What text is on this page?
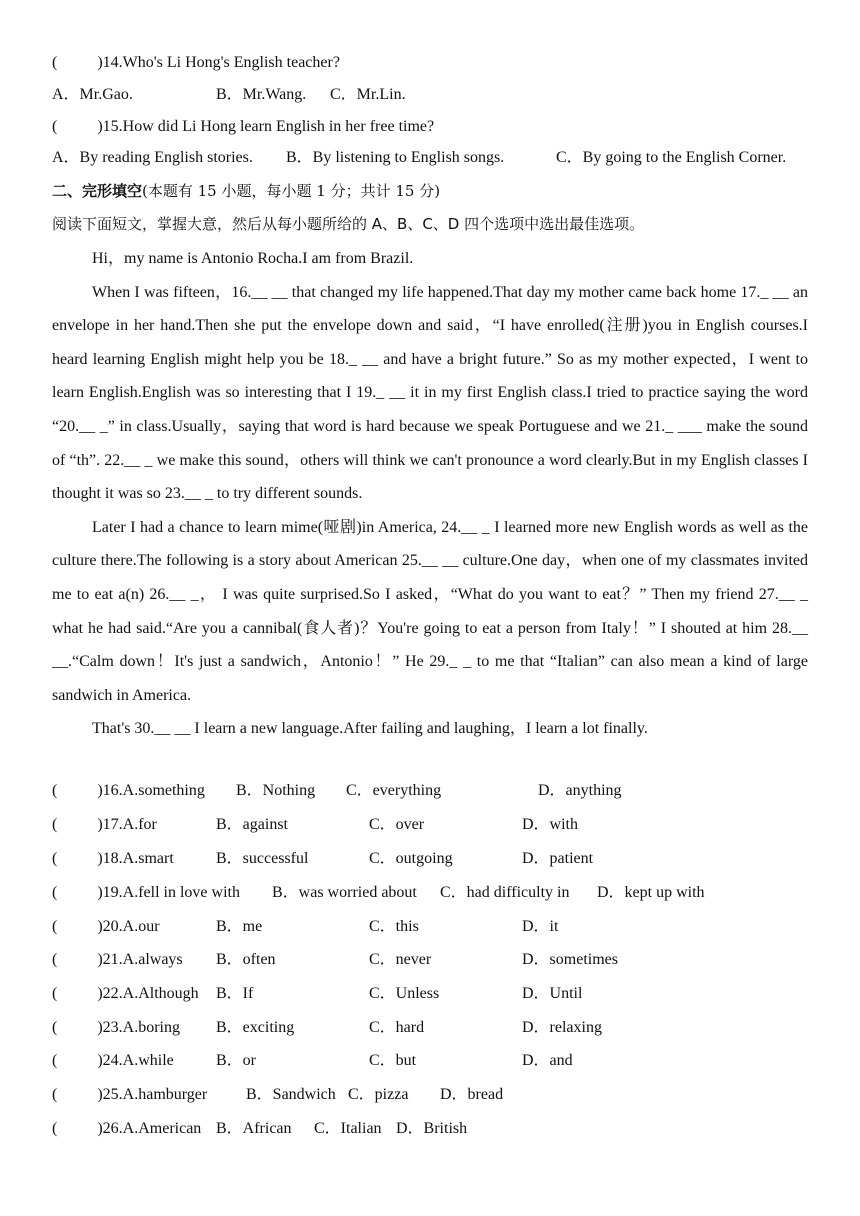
(          )14.Who's Li Hong's English teacher?
A．Mr.Gao.	B．Mr.Wang. C．Mr.Lin.
(          )15.How did Li Hong learn English in her free time?
A．By reading English stories. B．By listening to English songs.	C．By going to the English Corner.
二、完形填空(本题有 15 小题，每小题 1 分；共计 15 分)
阅读下面短文，掌握大意，然后从每小题所给的 A、B、C、D 四个选项中选出最佳选项。

Hi，my name is Antonio Rocha.I am from Brazil.

When I was fifteen，16.__ __ that changed my life happened.That day my mother came back home 17._ __ an envelope in her hand.Then she put the envelope down and said，“I have enrolled(注册)you in English courses.I heard learning English might help you be 18._ __ and have a bright future.” So as my mother expected，I went to learn English.English was so interesting that I 19._ __ it in my first English class.I tried to practice saying the word “20.__ _” in class.Usually，saying that word is hard because we speak Portuguese and we 21._ ___ make the sound of “th”. 22.__ _ we make this sound，others will think we can't pronounce a word clearly.But in my English classes I thought it was so 23.__ _ to try different sounds.

Later I had a chance to learn mime(哑剧)in America, 24.__ _ I learned more new English words as well as the culture there.The following is a story about American 25.__ __ culture.One day，when one of my classmates invited me to eat a(n) 26.__ _， I was quite surprised.So I asked，“What do you want to eat？” Then my friend 27.__ _ what he had said.“Are you a cannibal(食人者)？You're going to eat a person from Italy！” I shouted at him 28.__ __.“Calm down！It's just a sandwich，Antonio！” He 29._ _ to me that “Italian” can also mean a kind of large sandwich in America.

That's 30.__ __ I learn a new language.After failing and laughing，I learn a lot finally.

(          )16.A.something B．Nothing C．everything	D．anything
(          )17.A.for	B．against	C．over	D．with
(          )18.A.smart	B．successful	C．outgoing	D．patient
(          )19.A.fell in love with B．was worried about C．had difficulty in D．kept up with
(          )20.A.our	B．me	C．this	D．it
(          )21.A.always B．often	C．never	D．sometimes
(          )22.A.Although B．If	C．Unless	D．Until
(          )23.A.boring B．exciting	C．hard	D．relaxing
(          )24.A.while	B．or	C．but	D．and
(          )25.A.hamburger B．Sandwich C．pizza D．bread
(          )26.A.American B．African C．Italian D．British
